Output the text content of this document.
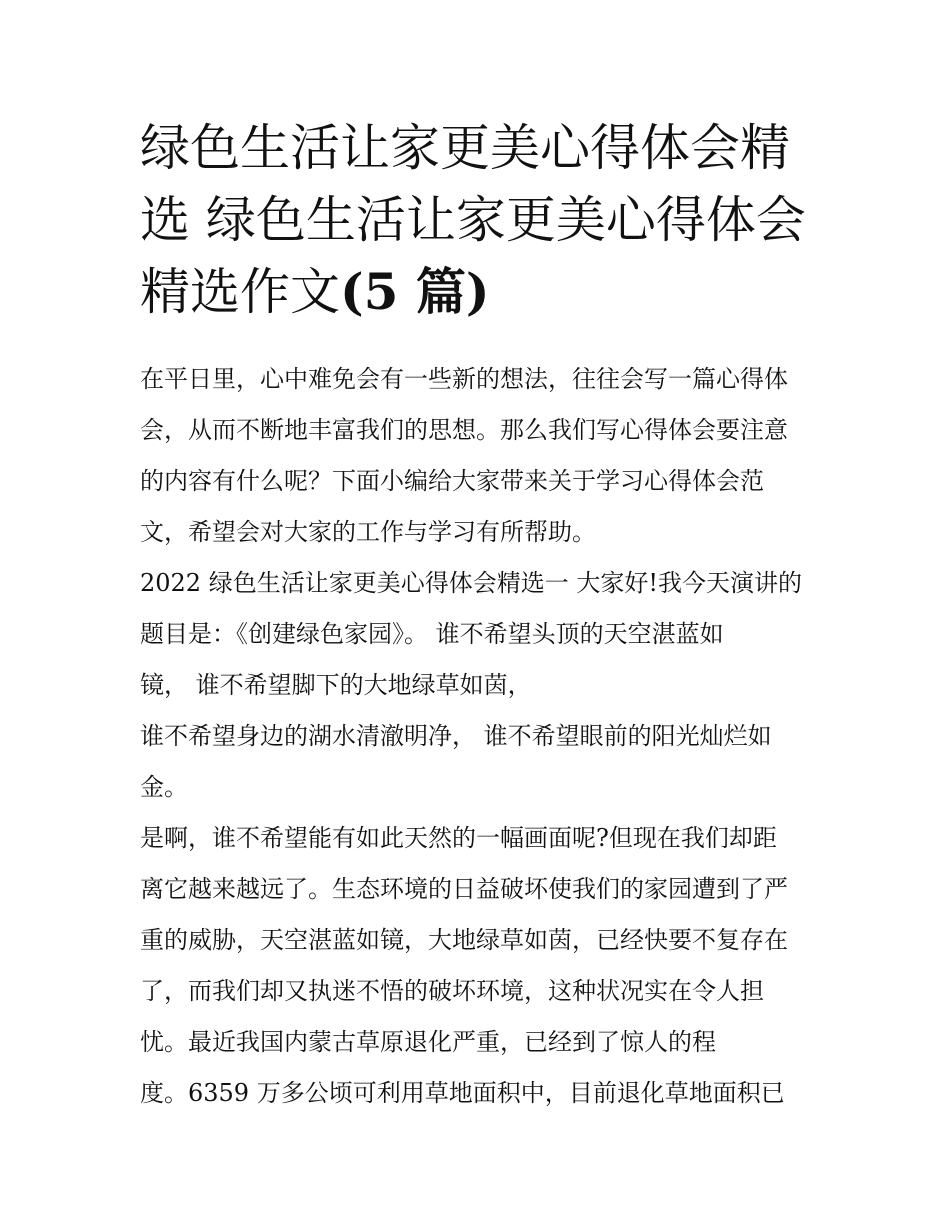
绿色生活让家更美心得体会精
选 绿色生活让家更美心得体会
精选作文(5 篇)

在平日里，心中难免会有一些新的想法，往往会写一篇心得体
会，从而不断地丰富我们的思想。那么我们写心得体会要注意
的内容有什么呢？下面小编给大家带来关于学习心得体会范
文，希望会对大家的工作与学习有所帮助。

2022 绿色生活让家更美心得体会精选一 大家好!我今天演讲的
题目是：《创建绿色家园》。 谁不希望头顶的天空湛蓝如
镜， 谁不希望脚下的大地绿草如茵，

谁不希望身边的湖水清澈明净， 谁不希望眼前的阳光灿烂如
金。

是啊，谁不希望能有如此天然的一幅画面呢?但现在我们却距
离它越来越远了。生态环境的日益破坏使我们的家园遭到了严
重的威胁，天空湛蓝如镜，大地绿草如茵，已经快要不复存在
了，而我们却又执迷不悟的破坏环境，这种状况实在令人担
忧。最近我国内蒙古草原退化严重，已经到了惊人的程
度。6359 万多公顷可利用草地面积中，目前退化草地面积已
